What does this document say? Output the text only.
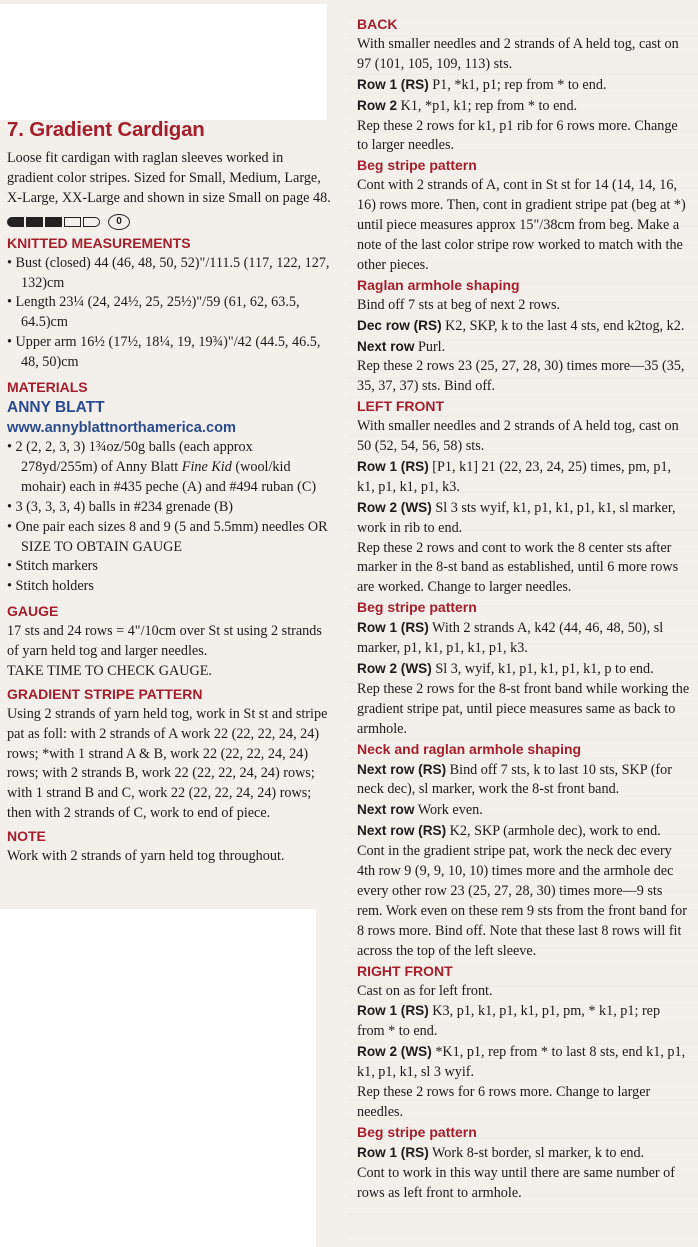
7. Gradient Cardigan

Loose fit cardigan with raglan sleeves worked in gradient color stripes. Sized for Small, Medium, Large, X-Large, XX-Large and shown in size Small on page 48.

0

KNITTED MEASUREMENTS

• Bust (closed) 44 (46, 48, 50, 52)"/111.5 (117, 122, 127, 132)cm

• Length 23¼ (24, 24½, 25, 25½)"/59 (61, 62, 63.5, 64.5)cm

• Upper arm 16½ (17½, 18¼, 19, 19¾)"/42 (44.5, 46.5, 48, 50)cm

MATERIALS

ANNY BLATT
www.annyblattnorthamerica.com

• 2 (2, 2, 3, 3) 1¾oz/50g balls (each approx 278yd/255m) of Anny Blatt Fine Kid (wool/kid mohair) each in #435 peche (A) and #494 ruban (C)

• 3 (3, 3, 3, 4) balls in #234 grenade (B)

• One pair each sizes 8 and 9 (5 and 5.5mm) needles OR SIZE TO OBTAIN GAUGE

• Stitch markers

• Stitch holders

GAUGE

17 sts and 24 rows = 4"/10cm over St st using 2 strands of yarn held tog and larger needles.

TAKE TIME TO CHECK GAUGE.

GRADIENT STRIPE PATTERN

Using 2 strands of yarn held tog, work in St st and stripe pat as foll: with 2 strands of A work 22 (22, 22, 24, 24) rows; *with 1 strand A & B, work 22 (22, 22, 24, 24) rows; with 2 strands B, work 22 (22, 22, 24, 24) rows; with 1 strand B and C, work 22 (22, 22, 24, 24) rows; then with 2 strands of C, work to end of piece.

NOTE

Work with 2 strands of yarn held tog throughout.

BACK

With smaller needles and 2 strands of A held tog, cast on 97 (101, 105, 109, 113) sts.

Row 1 (RS) P1, *k1, p1; rep from * to end.

Row 2 K1, *p1, k1; rep from * to end.

Rep these 2 rows for k1, p1 rib for 6 rows more. Change to larger needles.

Beg stripe pattern

Cont with 2 strands of A, cont in St st for 14 (14, 14, 16, 16) rows more. Then, cont in gradient stripe pat (beg at *) until piece measures approx 15"/38cm from beg. Make a note of the last color stripe row worked to match with the other pieces.

Raglan armhole shaping

Bind off 7 sts at beg of next 2 rows.

Dec row (RS) K2, SKP, k to the last 4 sts, end k2tog, k2. Next row Purl.

Rep these 2 rows 23 (25, 27, 28, 30) times more—35 (35, 35, 37, 37) sts. Bind off.

LEFT FRONT

With smaller needles and 2 strands of A held tog, cast on 50 (52, 54, 56, 58) sts.

Row 1 (RS) [P1, k1] 21 (22, 23, 24, 25) times, pm, p1, k1, p1, k1, p1, k3.

Row 2 (WS) Sl 3 sts wyif, k1, p1, k1, p1, k1, sl marker, work in rib to end.

Rep these 2 rows and cont to work the 8 center sts after marker in the 8-st band as established, until 6 more rows are worked. Change to larger needles.

Beg stripe pattern

Row 1 (RS) With 2 strands A, k42 (44, 46, 48, 50), sl marker, p1, k1, p1, k1, p1, k3.

Row 2 (WS) Sl 3, wyif, k1, p1, k1, p1, k1, p to end.

Rep these 2 rows for the 8-st front band while working the gradient stripe pat, until piece measures same as back to armhole.

Neck and raglan armhole shaping

Next row (RS) Bind off 7 sts, k to last 10 sts, SKP (for neck dec), sl marker, work the 8-st front band.

Next row Work even.

Next row (RS) K2, SKP (armhole dec), work to end.

Cont in the gradient stripe pat, work the neck dec every 4th row 9 (9, 9, 10, 10) times more and the armhole dec every other row 23 (25, 27, 28, 30) times more—9 sts rem. Work even on these rem 9 sts from the front band for 8 rows more. Bind off. Note that these last 8 rows will fit across the top of the left sleeve.

RIGHT FRONT

Cast on as for left front.

Row 1 (RS) K3, p1, k1, p1, k1, p1, pm, * k1, p1; rep from * to end.

Row 2 (WS) *K1, p1, rep from * to last 8 sts, end k1, p1, k1, p1, k1, sl 3 wyif.

Rep these 2 rows for 6 rows more. Change to larger needles.

Beg stripe pattern

Row 1 (RS) Work 8-st border, sl marker, k to end.

Cont to work in this way until there are same number of rows as left front to armhole.
